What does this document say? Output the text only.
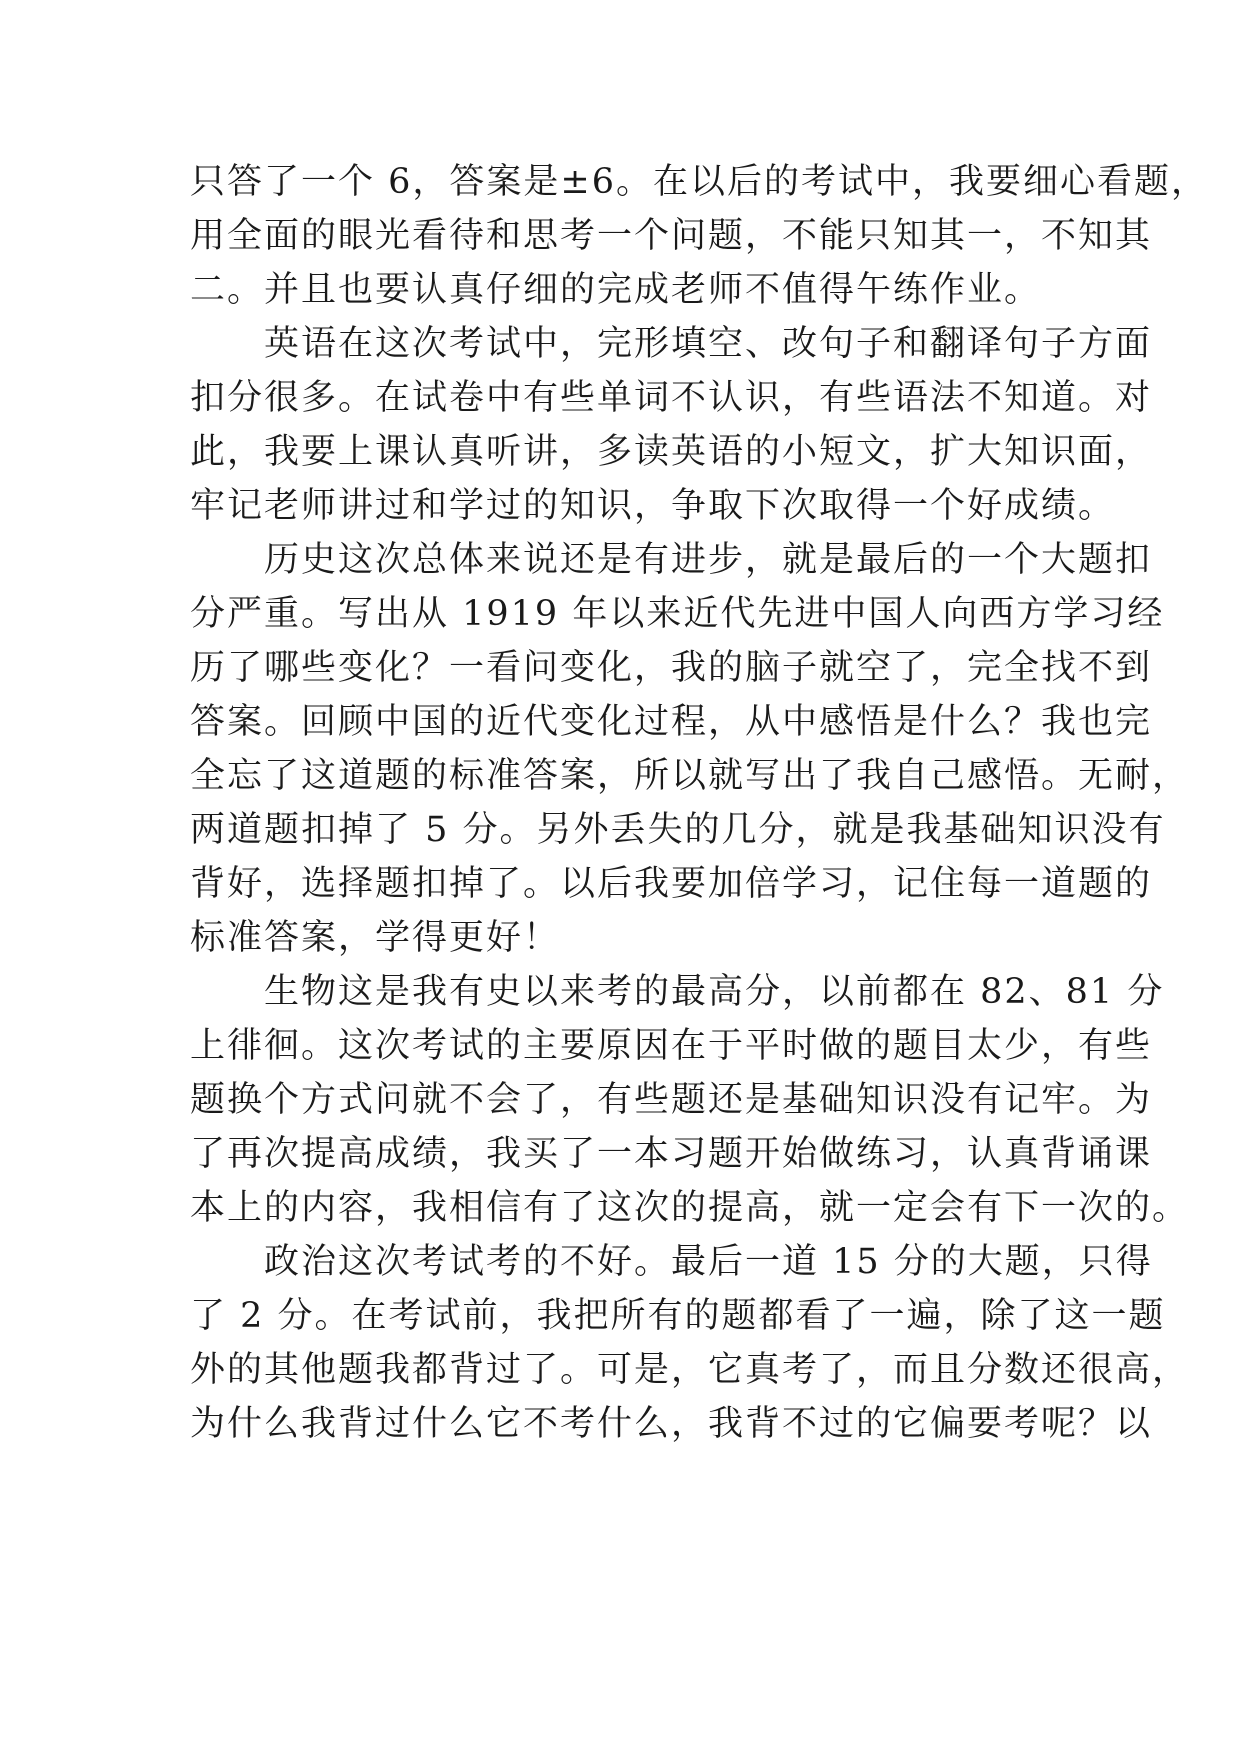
只答了一个 6，答案是±6。在以后的考试中，我要细心看题，
用全面的眼光看待和思考一个问题，不能只知其一，不知其
二。并且也要认真仔细的完成老师不值得午练作业。
　　英语在这次考试中，完形填空、改句子和翻译句子方面
扣分很多。在试卷中有些单词不认识，有些语法不知道。对
此，我要上课认真听讲，多读英语的小短文，扩大知识面，
牢记老师讲过和学过的知识，争取下次取得一个好成绩。
　　历史这次总体来说还是有进步，就是最后的一个大题扣
分严重。写出从 1919 年以来近代先进中国人向西方学习经
历了哪些变化？一看问变化，我的脑子就空了，完全找不到
答案。回顾中国的近代变化过程，从中感悟是什么？我也完
全忘了这道题的标准答案，所以就写出了我自己感悟。无耐，
两道题扣掉了 5 分。另外丢失的几分，就是我基础知识没有
背好，选择题扣掉了。以后我要加倍学习，记住每一道题的
标准答案，学得更好！
　　生物这是我有史以来考的最高分，以前都在 82、81 分
上徘徊。这次考试的主要原因在于平时做的题目太少，有些
题换个方式问就不会了，有些题还是基础知识没有记牢。为
了再次提高成绩，我买了一本习题开始做练习，认真背诵课
本上的内容，我相信有了这次的提高，就一定会有下一次的。
　　政治这次考试考的不好。最后一道 15 分的大题，只得
了 2 分。在考试前，我把所有的题都看了一遍，除了这一题
外的其他题我都背过了。可是，它真考了，而且分数还很高，
为什么我背过什么它不考什么，我背不过的它偏要考呢？以
